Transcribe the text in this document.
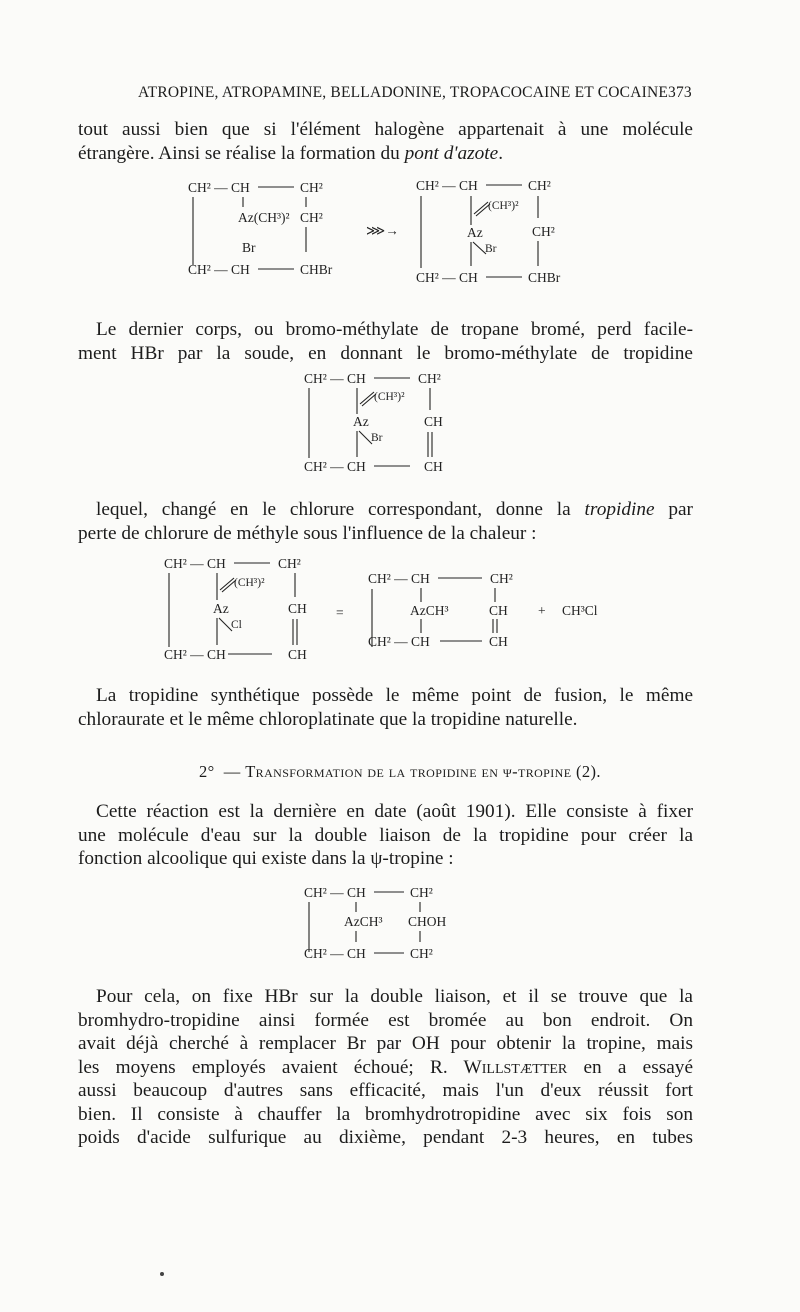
ATROPINE, ATROPAMINE, BELLADONINE, TROPACOCAINE ET COCAINE 373
tout aussi bien que si l'élément halogène appartenait à une molécule
étrangère. Ainsi se réalise la formation du pont d'azote.
CH² — CH	CH²
Az(CH³)² CH²
Br
CH² — CH	CHBr
⋙→
CH² — CH	CH²
(CH³)²
Az	CH²
Br
CH² — CH	CHBr
Le dernier corps, ou bromo-méthylate de tropane bromé, perd facile-
ment HBr par la soude, en donnant le bromo-méthylate de tropidine
CH² — CH	CH²
(CH³)²
Az	CH
Br
CH² — CH	CH
lequel, changé en le chlorure correspondant, donne la tropidine par
perte de chlorure de méthyle sous l'influence de la chaleur :
CH² — CH	CH²
(CH³)²
Az	CH
Cl
CH² — CH	CH
=
CH² — CH	CH²
AzCH³	CH
CH² — CH	CH
+ CH³Cl
La tropidine synthétique possède le même point de fusion, le même
chloraurate et le même chloroplatinate que la tropidine naturelle.
2° — Transformation de la tropidine en ψ-tropine (2).
Cette réaction est la dernière en date (août 1901). Elle consiste à fixer
une molécule d'eau sur la double liaison de la tropidine pour créer la
fonction alcoolique qui existe dans la ψ-tropine :
CH² — CH	CH²
AzCH³ CHOH
CH² — CH	CH²
Pour cela, on fixe HBr sur la double liaison, et il se trouve que la
bromhydro-tropidine ainsi formée est bromée au bon endroit. On
avait déjà cherché à remplacer Br par OH pour obtenir la tropine, mais
les moyens employés avaient échoué; R. Willstætter en a essayé
aussi beaucoup d'autres sans efficacité, mais l'un d'eux réussit fort
bien. Il consiste à chauffer la bromhydrotropidine avec six fois son
poids d'acide sulfurique au dixième, pendant 2-3 heures, en tubes
